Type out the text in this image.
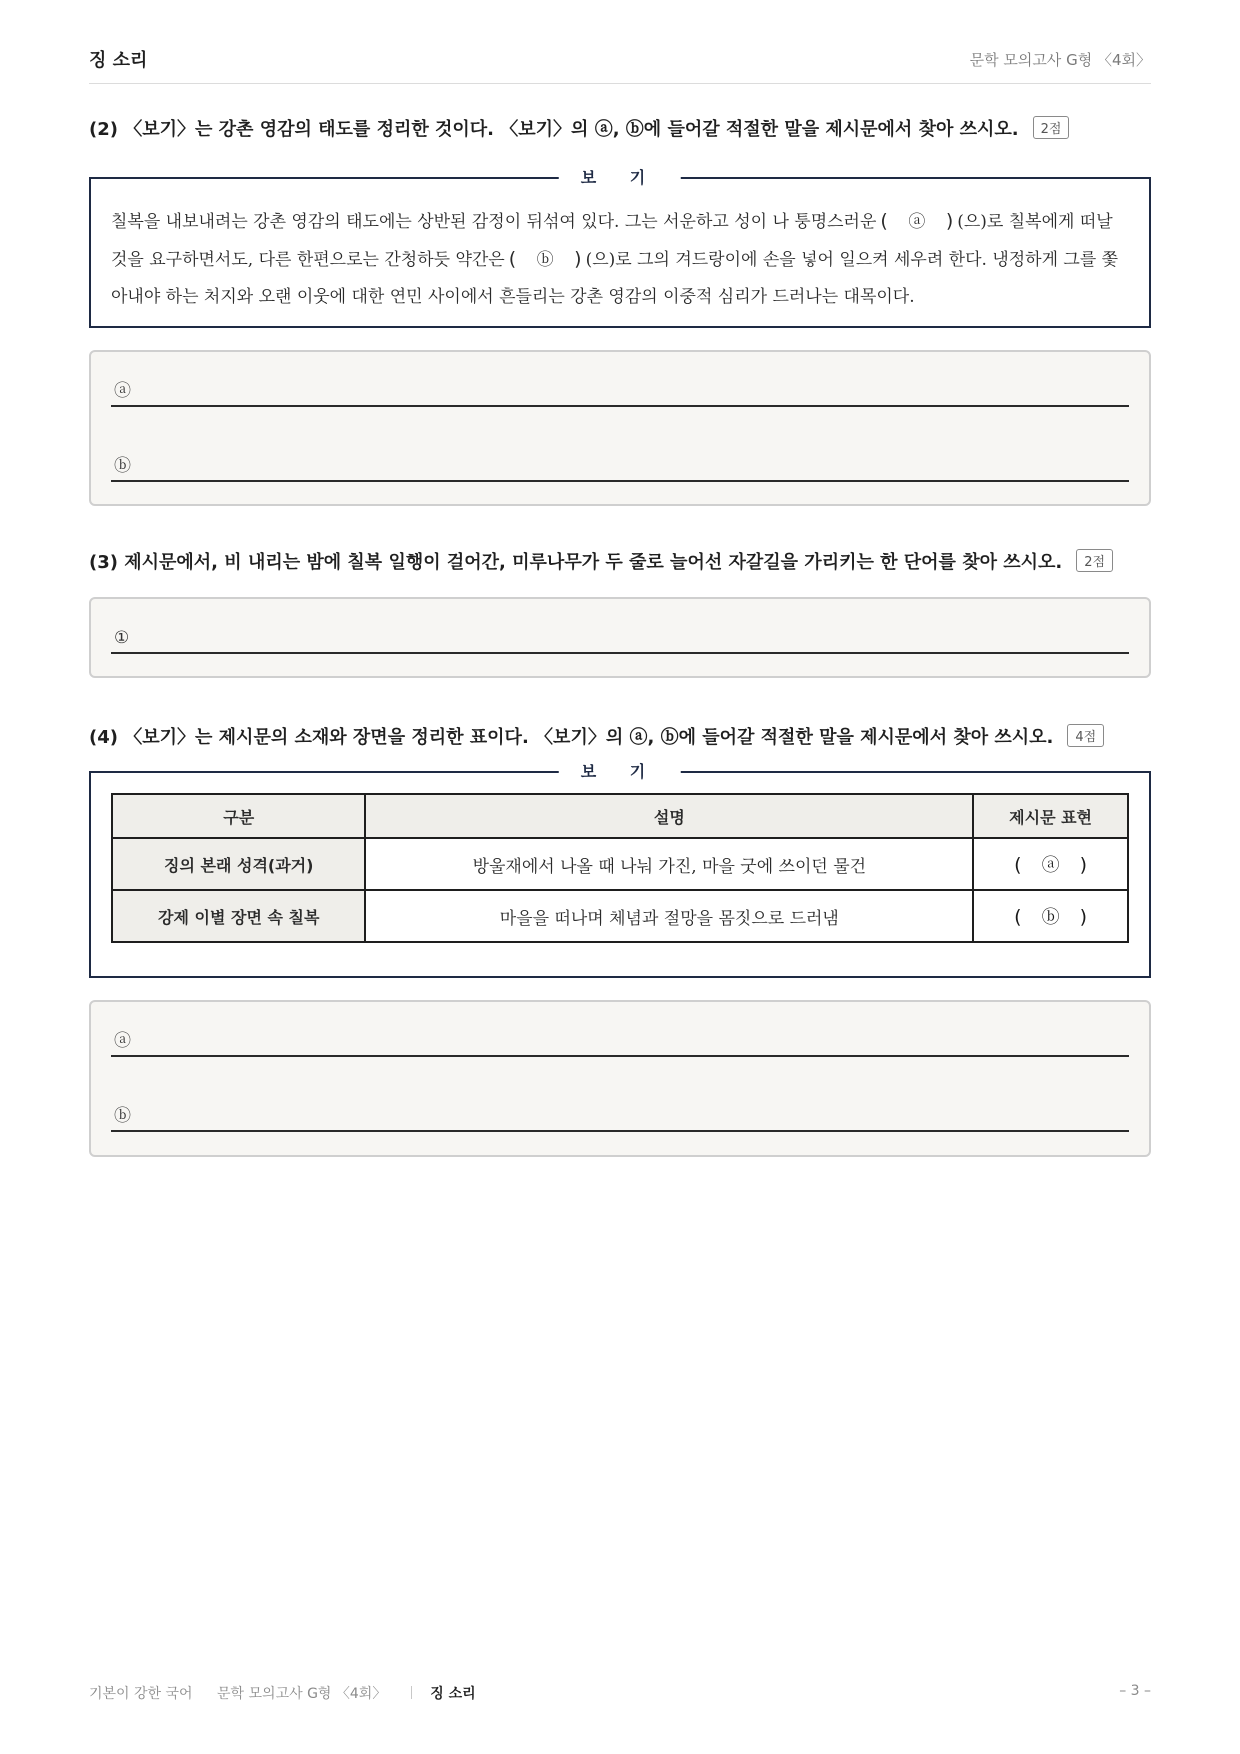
징 소리	문학 모의고사 G형 〈4회〉
(2) 〈보기〉는 강촌 영감의 태도를 정리한 것이다. 〈보기〉의 ⓐ, ⓑ에 들어갈 적절한 말을 제시문에서 찾아 쓰시오. 2점
보 기
칠복을 내보내려는 강촌 영감의 태도에는 상반된 감정이 뒤섞여 있다. 그는 서운하고 성이 나 퉁명스러운 ( ⓐ ) (으)로 칠복에게 떠날 것을 요구하면서도, 다른 한편으로는 간청하듯 약간은 ( ⓑ ) (으)로 그의 겨드랑이에 손을 넣어 일으켜 세우려 한다. 냉정하게 그를 쫓아내야 하는 처지와 오랜 이웃에 대한 연민 사이에서 흔들리는 강촌 영감의 이중적 심리가 드러나는 대목이다.
ⓐ
ⓑ
(3) 제시문에서, 비 내리는 밤에 칠복 일행이 걸어간, 미루나무가 두 줄로 늘어선 자갈길을 가리키는 한 단어를 찾아 쓰시오. 2점
①
(4) 〈보기〉는 제시문의 소재와 장면을 정리한 표이다. 〈보기〉의 ⓐ, ⓑ에 들어갈 적절한 말을 제시문에서 찾아 쓰시오. 4점
보 기
구분	설명	제시문 표현
징의 본래 성격(과거)	방울재에서 나올 때 나눠 가진, 마을 굿에 쓰이던 물건	( ⓐ )
강제 이별 장면 속 칠복	마을을 떠나며 체념과 절망을 몸짓으로 드러냄	( ⓑ )
ⓐ
ⓑ
기본이 강한 국어 문학 모의고사 G형 〈4회〉	징 소리	– 3 –
